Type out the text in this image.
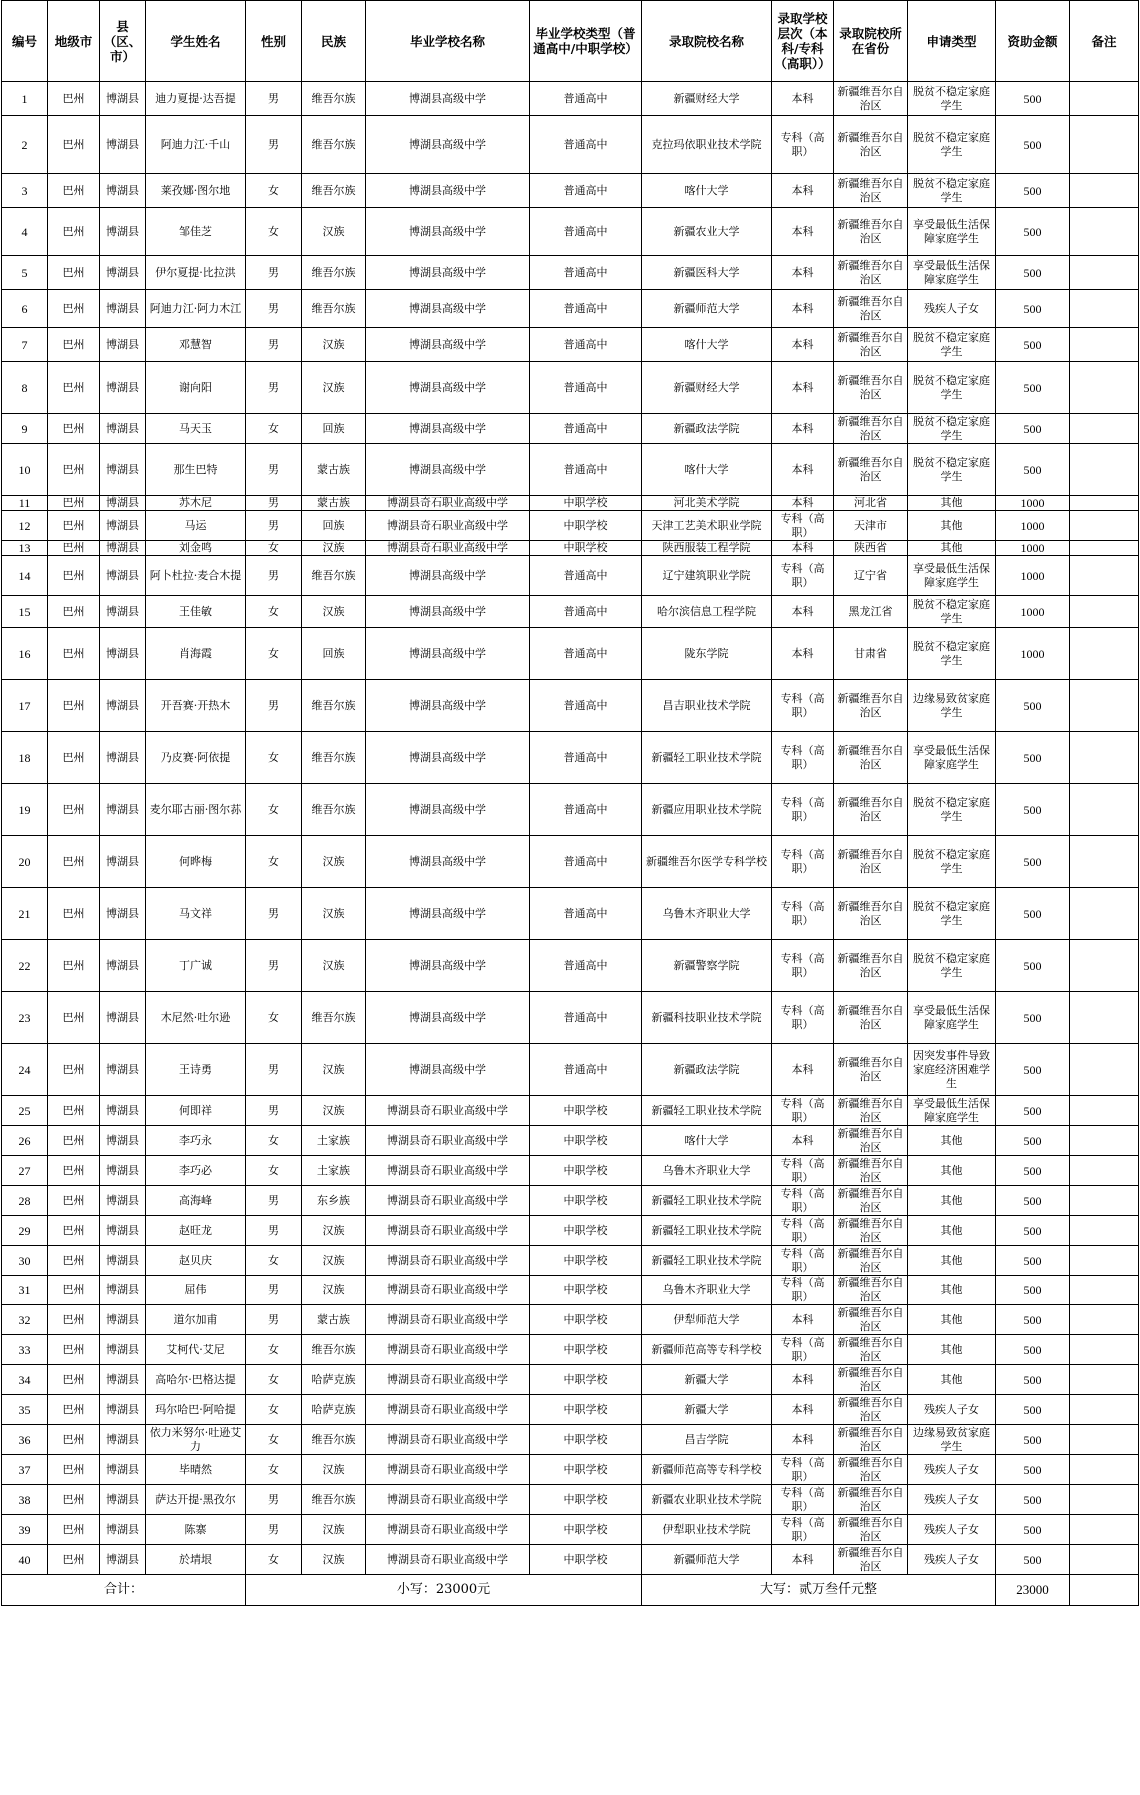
编号	地级市	县（区、市）	学生姓名	性别	民族	毕业学校名称	毕业学校类型（普通高中/中职学校）	录取院校名称	录取学校层次（本科/专科（高职））	录取院校所在省份	申请类型	资助金额	备注
1	巴州	博湖县	迪力夏提·达吾提	男	维吾尔族	博湖县高级中学	普通高中	新疆财经大学	本科	新疆维吾尔自治区	脱贫不稳定家庭学生	500	
2	巴州	博湖县	阿迪力江·千山	男	维吾尔族	博湖县高级中学	普通高中	克拉玛依职业技术学院	专科（高职）	新疆维吾尔自治区	脱贫不稳定家庭学生	500	
3	巴州	博湖县	莱孜娜·图尔地	女	维吾尔族	博湖县高级中学	普通高中	喀什大学	本科	新疆维吾尔自治区	脱贫不稳定家庭学生	500	
4	巴州	博湖县	邹佳芝	女	汉族	博湖县高级中学	普通高中	新疆农业大学	本科	新疆维吾尔自治区	享受最低生活保障家庭学生	500	
5	巴州	博湖县	伊尔夏提·比拉洪	男	维吾尔族	博湖县高级中学	普通高中	新疆医科大学	本科	新疆维吾尔自治区	享受最低生活保障家庭学生	500	
6	巴州	博湖县	阿迪力江·阿力木江	男	维吾尔族	博湖县高级中学	普通高中	新疆师范大学	本科	新疆维吾尔自治区	残疾人子女	500	
7	巴州	博湖县	邓慧智	男	汉族	博湖县高级中学	普通高中	喀什大学	本科	新疆维吾尔自治区	脱贫不稳定家庭学生	500	
8	巴州	博湖县	谢向阳	男	汉族	博湖县高级中学	普通高中	新疆财经大学	本科	新疆维吾尔自治区	脱贫不稳定家庭学生	500	
9	巴州	博湖县	马天玉	女	回族	博湖县高级中学	普通高中	新疆政法学院	本科	新疆维吾尔自治区	脱贫不稳定家庭学生	500	
10	巴州	博湖县	那生巴特	男	蒙古族	博湖县高级中学	普通高中	喀什大学	本科	新疆维吾尔自治区	脱贫不稳定家庭学生	500	
11	巴州	博湖县	苏木尼	男	蒙古族	博湖县奇石职业高级中学	中职学校	河北美术学院	本科	河北省	其他	1000	
12	巴州	博湖县	马运	男	回族	博湖县奇石职业高级中学	中职学校	天津工艺美术职业学院	专科（高职）	天津市	其他	1000	
13	巴州	博湖县	刘金鸣	女	汉族	博湖县奇石职业高级中学	中职学校	陕西服装工程学院	本科	陕西省	其他	1000	
14	巴州	博湖县	阿卜杜拉·麦合木提	男	维吾尔族	博湖县高级中学	普通高中	辽宁建筑职业学院	专科（高职）	辽宁省	享受最低生活保障家庭学生	1000	
15	巴州	博湖县	王佳敏	女	汉族	博湖县高级中学	普通高中	哈尔滨信息工程学院	本科	黑龙江省	脱贫不稳定家庭学生	1000	
16	巴州	博湖县	肖海霞	女	回族	博湖县高级中学	普通高中	陇东学院	本科	甘肃省	脱贫不稳定家庭学生	1000	
17	巴州	博湖县	开吾赛·开热木	男	维吾尔族	博湖县高级中学	普通高中	昌吉职业技术学院	专科（高职）	新疆维吾尔自治区	边缘易致贫家庭学生	500	
18	巴州	博湖县	乃皮赛·阿依提	女	维吾尔族	博湖县高级中学	普通高中	新疆轻工职业技术学院	专科（高职）	新疆维吾尔自治区	享受最低生活保障家庭学生	500	
19	巴州	博湖县	麦尔耶古丽·图尔荪	女	维吾尔族	博湖县高级中学	普通高中	新疆应用职业技术学院	专科（高职）	新疆维吾尔自治区	脱贫不稳定家庭学生	500	
20	巴州	博湖县	何晔梅	女	汉族	博湖县高级中学	普通高中	新疆维吾尔医学专科学校	专科（高职）	新疆维吾尔自治区	脱贫不稳定家庭学生	500	
21	巴州	博湖县	马文祥	男	汉族	博湖县高级中学	普通高中	乌鲁木齐职业大学	专科（高职）	新疆维吾尔自治区	脱贫不稳定家庭学生	500	
22	巴州	博湖县	丁广诚	男	汉族	博湖县高级中学	普通高中	新疆警察学院	专科（高职）	新疆维吾尔自治区	脱贫不稳定家庭学生	500	
23	巴州	博湖县	木尼然·吐尔逊	女	维吾尔族	博湖县高级中学	普通高中	新疆科技职业技术学院	专科（高职）	新疆维吾尔自治区	享受最低生活保障家庭学生	500	
24	巴州	博湖县	王诗勇	男	汉族	博湖县高级中学	普通高中	新疆政法学院	本科	新疆维吾尔自治区	因突发事件导致家庭经济困难学生	500	
25	巴州	博湖县	何即祥	男	汉族	博湖县奇石职业高级中学	中职学校	新疆轻工职业技术学院	专科（高职）	新疆维吾尔自治区	享受最低生活保障家庭学生	500	
26	巴州	博湖县	李巧永	女	土家族	博湖县奇石职业高级中学	中职学校	喀什大学	本科	新疆维吾尔自治区	其他	500	
27	巴州	博湖县	李巧必	女	土家族	博湖县奇石职业高级中学	中职学校	乌鲁木齐职业大学	专科（高职）	新疆维吾尔自治区	其他	500	
28	巴州	博湖县	高海峰	男	东乡族	博湖县奇石职业高级中学	中职学校	新疆轻工职业技术学院	专科（高职）	新疆维吾尔自治区	其他	500	
29	巴州	博湖县	赵旺龙	男	汉族	博湖县奇石职业高级中学	中职学校	新疆轻工职业技术学院	专科（高职）	新疆维吾尔自治区	其他	500	
30	巴州	博湖县	赵贝庆	女	汉族	博湖县奇石职业高级中学	中职学校	新疆轻工职业技术学院	专科（高职）	新疆维吾尔自治区	其他	500	
31	巴州	博湖县	屈伟	男	汉族	博湖县奇石职业高级中学	中职学校	乌鲁木齐职业大学	专科（高职）	新疆维吾尔自治区	其他	500	
32	巴州	博湖县	道尔加甫	男	蒙古族	博湖县奇石职业高级中学	中职学校	伊犁师范大学	本科	新疆维吾尔自治区	其他	500	
33	巴州	博湖县	艾柯代·艾尼	女	维吾尔族	博湖县奇石职业高级中学	中职学校	新疆师范高等专科学校	专科（高职）	新疆维吾尔自治区	其他	500	
34	巴州	博湖县	高哈尔·巴格达提	女	哈萨克族	博湖县奇石职业高级中学	中职学校	新疆大学	本科	新疆维吾尔自治区	其他	500	
35	巴州	博湖县	玛尔哈巴·阿哈提	女	哈萨克族	博湖县奇石职业高级中学	中职学校	新疆大学	本科	新疆维吾尔自治区	残疾人子女	500	
36	巴州	博湖县	依力米努尔·吐逊艾力	女	维吾尔族	博湖县奇石职业高级中学	中职学校	昌吉学院	本科	新疆维吾尔自治区	边缘易致贫家庭学生	500	
37	巴州	博湖县	毕晴然	女	汉族	博湖县奇石职业高级中学	中职学校	新疆师范高等专科学校	专科（高职）	新疆维吾尔自治区	残疾人子女	500	
38	巴州	博湖县	萨达开提·黑孜尔	男	维吾尔族	博湖县奇石职业高级中学	中职学校	新疆农业职业技术学院	专科（高职）	新疆维吾尔自治区	残疾人子女	500	
39	巴州	博湖县	陈寨	男	汉族	博湖县奇石职业高级中学	中职学校	伊犁职业技术学院	专科（高职）	新疆维吾尔自治区	残疾人子女	500	
40	巴州	博湖县	於埥垠	女	汉族	博湖县奇石职业高级中学	中职学校	新疆师范大学	本科	新疆维吾尔自治区	残疾人子女	500	
合计：				小写：23000元				大写：贰万叁仟元整				23000	
